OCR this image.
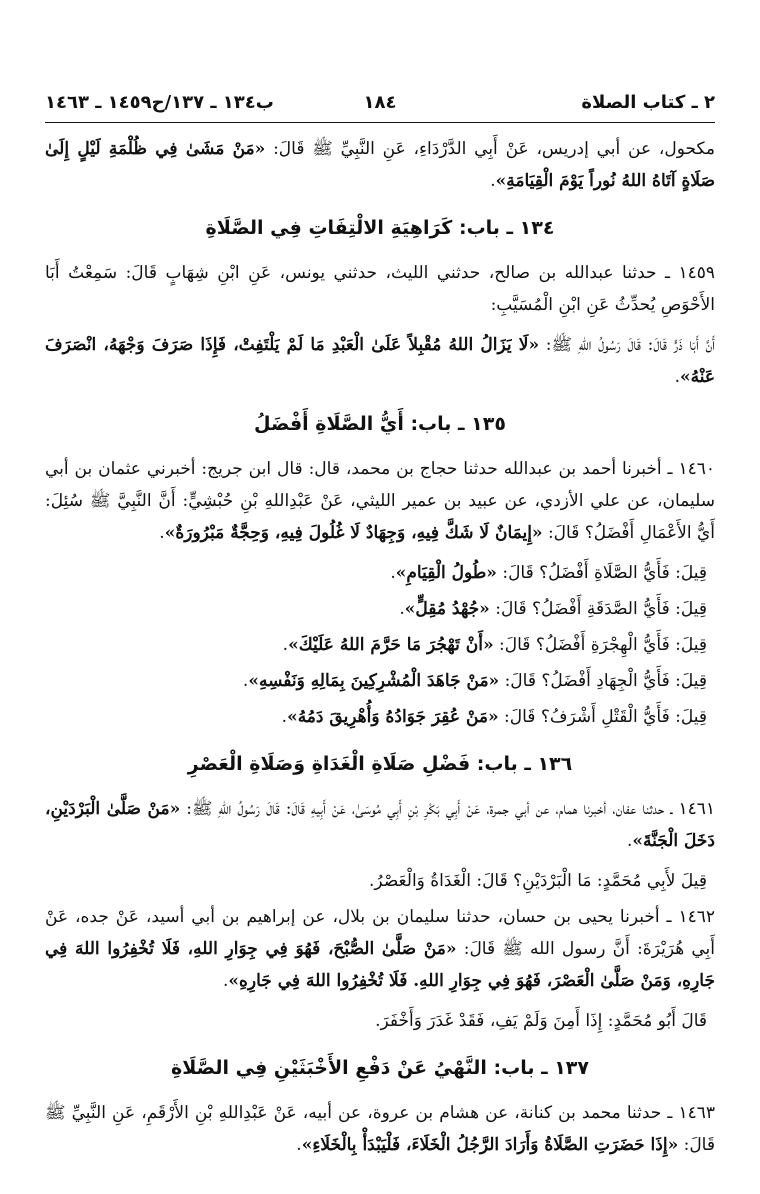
٢ ـ كتاب الصلاة
١٨٤
ب١٣٤ ـ ١٣٧/ح١٤٥٩ ـ ١٤٦٣

مكحول، عن أبي إدريس، عَنْ أَبِي الدَّرْدَاءِ، عَنِ النَّبِيِّ ﷺ قَالَ: «مَنْ مَشَىٰ فِي ظُلْمَةِ لَيْلٍ إِلَىٰ صَلَاةٍ آتَاهُ اللهُ نُوراً يَوْمَ الْقِيَامَةِ».

١٣٤ ـ باب: كَرَاهِيَةِ الالْتِفَاتِ فِي الصَّلَاةِ

١٤٥٩ ـ حدثنا عبدالله بن صالح، حدثني الليث، حدثني يونس، عَنِ ابْنِ شِهَابٍ قَالَ: سَمِعْتُ أَبَا الأَحْوَصِ يُحدِّثُ عَنِ ابْنِ الْمُسَيَّبِ:

أَنَّ أَبَا ذَرٍّ قَالَ: قَالَ رَسُولُ اللهِ ﷺ: «لَا يَزَالُ اللهُ مُقْبِلاً عَلَىٰ الْعَبْدِ مَا لَمْ يَلْتَفِتْ، فَإِذَا صَرَفَ وَجْهَهُ، انْصَرَفَ عَنْهُ».

١٣٥ ـ باب: أَيُّ الصَّلَاةِ أَفْضَلُ

١٤٦٠ ـ أخبرنا أحمد بن عبدالله حدثنا حجاج بن محمد، قال: قال ابن جريج: أخبرني عثمان بن أبي سليمان، عن علي الأزدي، عن عبيد بن عمير الليثي، عَنْ عَبْدِاللهِ بْنِ حُبْشِيٍّ: أَنَّ النَّبِيَّ ﷺ سُئِلَ: أَيُّ الأَعْمَالِ أَفْضَلُ؟ قَالَ: «إِيمَانٌ لَا شَكَّ فِيهِ، وَجِهَادٌ لَا غُلُولَ فِيهِ، وَحِجَّةٌ مَبْرُورَةٌ».

قِيلَ: فَأَيُّ الصَّلَاةِ أَفْضَلُ؟ قَالَ: «طُولُ الْقِيَامِ».

قِيلَ: فَأَيُّ الصَّدَقَةِ أَفْضَلُ؟ قَالَ: «جُهْدُ مُقِلٍّ».

قِيلَ: فَأَيُّ الْهِجْرَةِ أَفْضَلُ؟ قَالَ: «أَنْ تَهْجُرَ مَا حَرَّمَ اللهُ عَلَيْكَ».

قِيلَ: فَأَيُّ الْجِهَادِ أَفْضَلُ؟ قَالَ: «مَنْ جَاهَدَ الْمُشْرِكِينَ بِمَالِهِ وَنَفْسِهِ».

قِيلَ: فَأَيُّ الْقَتْلِ أَشْرَفُ؟ قَالَ: «مَنْ عُقِرَ جَوَادُهُ وَأُهْرِيقَ دَمُهُ».

١٣٦ ـ باب: فَضْلِ صَلَاةِ الْغَدَاةِ وَصَلَاةِ الْعَصْرِ

١٤٦١ ـ حدثنا عفان، أخبرنا همام، عن أبي جمرة، عَنْ أَبِي بَكْرِ بْنِ أَبِي مُوسَىٰ، عَنْ أَبِيهِ قَالَ: قَالَ رَسُولُ اللهِ ﷺ: «مَنْ صَلَّىٰ الْبَرْدَيْنِ، دَخَلَ الْجَنَّةَ».

قِيلَ لأَبِي مُحَمَّدٍ: مَا الْبَرْدَيْنِ؟ قَالَ: الْغَدَاةُ وَالْعَصْرُ.

١٤٦٢ ـ أخبرنا يحيى بن حسان، حدثنا سليمان بن بلال، عن إبراهيم بن أبي أسيد، عَنْ جده، عَنْ أَبِي هُرَيْرَةَ: أَنَّ رسول الله ﷺ قَالَ: «مَنْ صَلَّىٰ الصُّبْحَ، فَهُوَ فِي جِوَارِ اللهِ، فَلَا تُخْفِرُوا اللهَ فِي جَارِهِ، وَمَنْ صَلَّىٰ الْعَصْرَ، فَهُوَ فِي جِوَارِ اللهِ. فَلَا تُخْفِرُوا اللهَ فِي جَارِهِ».

قَالَ أَبُو مُحَمَّدٍ: إِذَا أَمِنَ وَلَمْ يَفِ، فَقَدْ غَدَرَ وَأَخْفَرَ.

١٣٧ ـ باب: النَّهْيُ عَنْ دَفْعِ الأَخْبَثَيْنِ فِي الصَّلَاةِ

١٤٦٣ ـ حدثنا محمد بن كنانة، عن هشام بن عروة، عن أبيه، عَنْ عَبْدِاللهِ بْنِ الأَرْقَمِ، عَنِ النَّبِيِّ ﷺ قَالَ: «إِذَا حَضَرَتِ الصَّلَاةُ وَأَرَادَ الرَّجُلُ الْخَلَاءَ، فَلْيَبْدَأْ بِالْخَلَاءِ».
